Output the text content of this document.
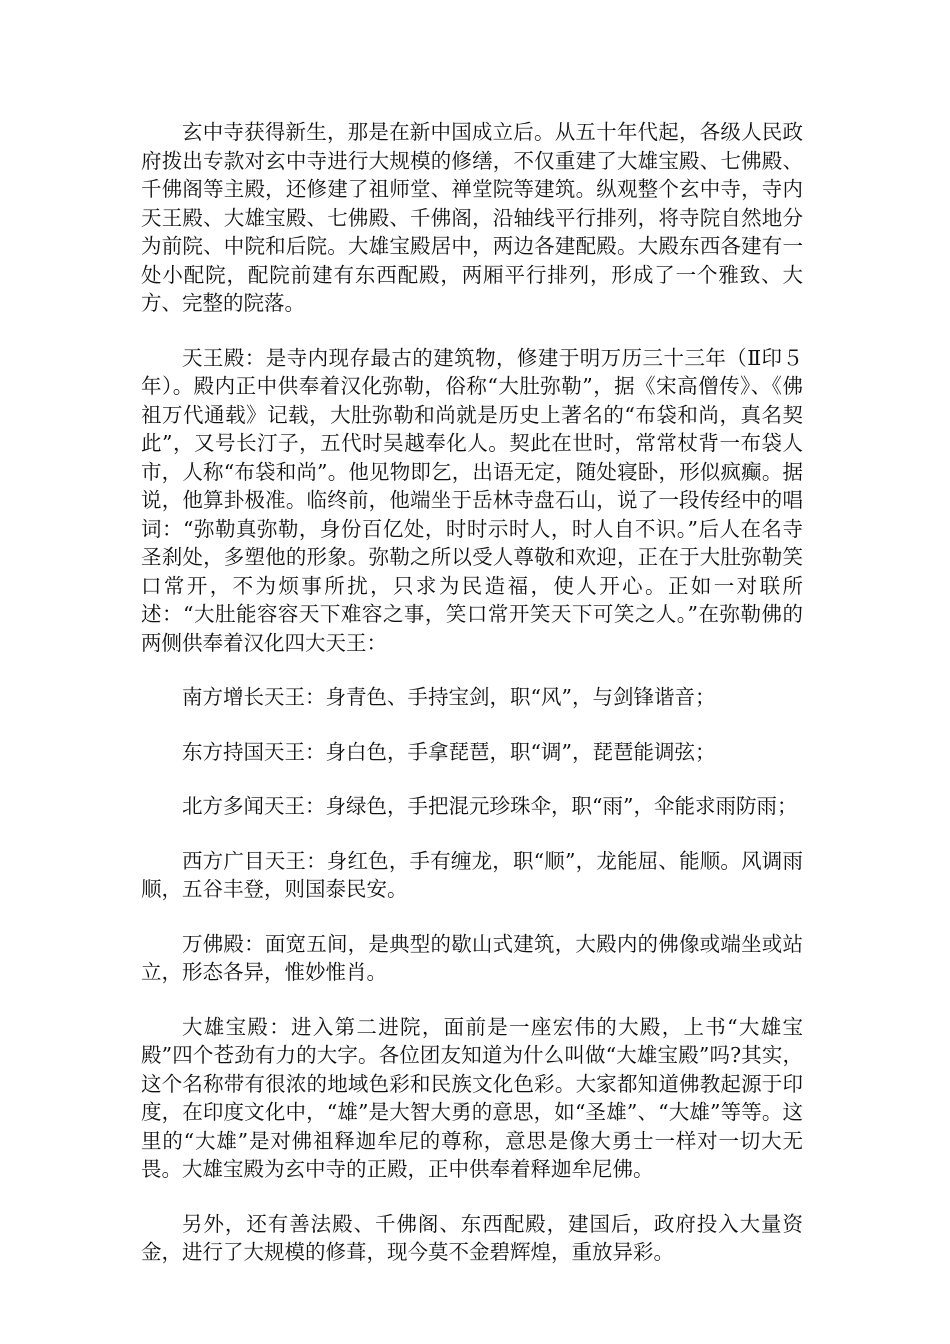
玄中寺获得新生，那是在新中国成立后。从五十年代起，各级人民政府拨出专款对玄中寺进行大规模的修缮，不仅重建了大雄宝殿、七佛殿、千佛阁等主殿，还修建了祖师堂、禅堂院等建筑。纵观整个玄中寺，寺内天王殿、大雄宝殿、七佛殿、千佛阁，沿轴线平行排列，将寺院自然地分为前院、中院和后院。大雄宝殿居中，两边各建配殿。大殿东西各建有一处小配院，配院前建有东西配殿，两厢平行排列，形成了一个雅致、大方、完整的院落。

天王殿：是寺内现存最古的建筑物，修建于明万历三十三年（Ⅱ印５年）。殿内正中供奉着汉化弥勒，俗称“大肚弥勒”，据《宋高僧传》、《佛祖万代通载》记载，大肚弥勒和尚就是历史上著名的“布袋和尚，真名契此”，又号长汀子，五代时吴越奉化人。契此在世时，常常杖背一布袋人市，人称“布袋和尚”。他见物即乞，出语无定，随处寝卧，形似疯癫。据说，他算卦极准。临终前，他端坐于岳林寺盘石山，说了一段传经中的唱词：“弥勒真弥勒，身份百亿处，时时示时人，时人自不识。”后人在名寺圣刹处，多塑他的形象。弥勒之所以受人尊敬和欢迎，正在于大肚弥勒笑口常开，不为烦事所扰，只求为民造福，使人开心。正如一对联所述：“大肚能容容天下难容之事，笑口常开笑天下可笑之人。”在弥勒佛的两侧供奉着汉化四大天王：

南方增长天王：身青色、手持宝剑，职“风”，与剑锋谐音；

东方持国天王：身白色，手拿琵琶，职“调”，琵琶能调弦；

北方多闻天王：身绿色，手把混元珍珠伞，职“雨”，伞能求雨防雨；

西方广目天王：身红色，手有缠龙，职“顺”，龙能屈、能顺。风调雨顺，五谷丰登，则国泰民安。

万佛殿：面宽五间，是典型的歇山式建筑，大殿内的佛像或端坐或站立，形态各异，惟妙惟肖。

大雄宝殿：进入第二进院，面前是一座宏伟的大殿，上书“大雄宝殿”四个苍劲有力的大字。各位团友知道为什么叫做“大雄宝殿”吗?其实，这个名称带有很浓的地域色彩和民族文化色彩。大家都知道佛教起源于印度，在印度文化中，“雄”是大智大勇的意思，如“圣雄”、“大雄”等等。这里的“大雄”是对佛祖释迦牟尼的尊称，意思是像大勇士一样对一切大无畏。大雄宝殿为玄中寺的正殿，正中供奉着释迦牟尼佛。

另外，还有善法殿、千佛阁、东西配殿，建国后，政府投入大量资金，进行了大规模的修葺，现今莫不金碧辉煌，重放异彩。
